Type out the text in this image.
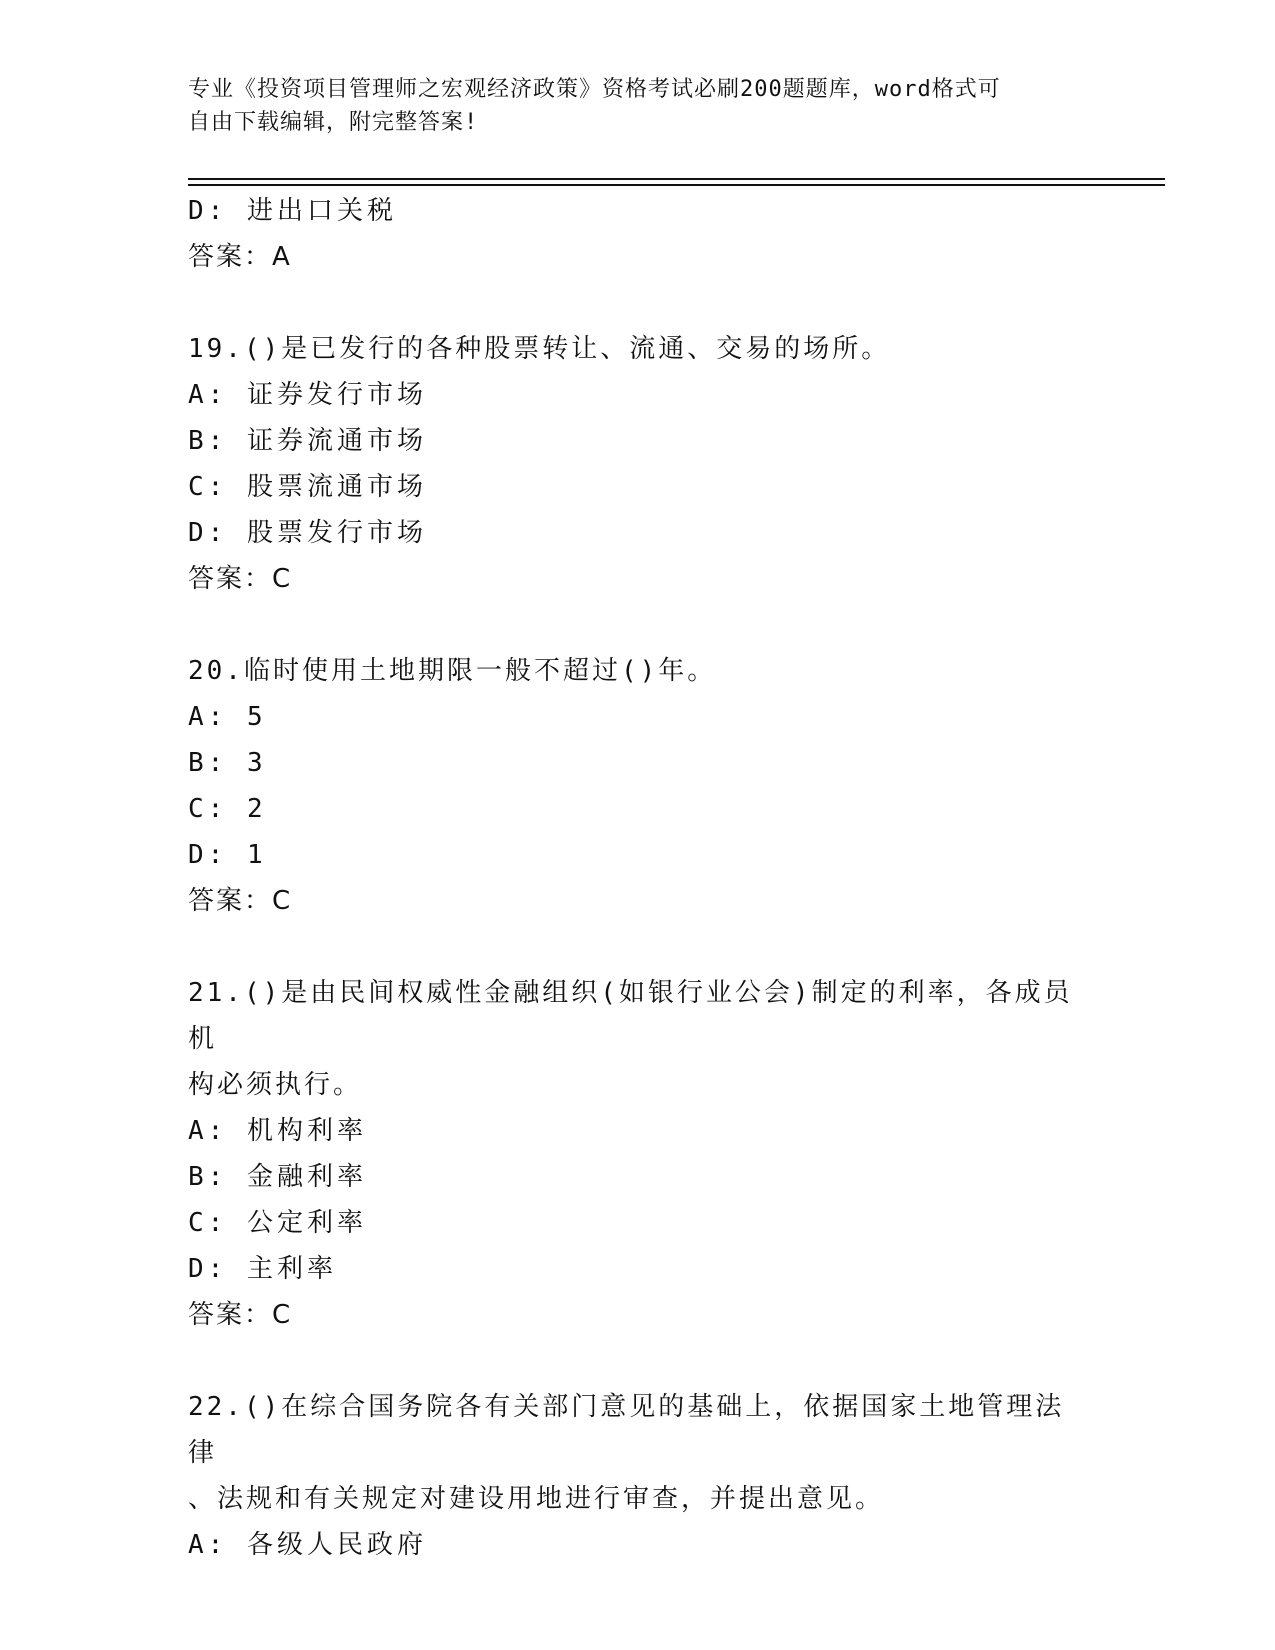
专业《投资项目管理师之宏观经济政策》资格考试必刷200题题库，word格式可
自由下载编辑，附完整答案!
D: 进出口关税
答案：A
19.()是已发行的各种股票转让、流通、交易的场所。
A: 证券发行市场
B: 证券流通市场
C: 股票流通市场
D: 股票发行市场
答案：C
20.临时使用土地期限一般不超过()年。
A: 5
B: 3
C: 2
D: 1
答案：C
21.()是由民间权威性金融组织(如银行业公会)制定的利率，各成员机
构必须执行。
A: 机构利率
B: 金融利率
C: 公定利率
D: 主利率
答案：C
22.()在综合国务院各有关部门意见的基础上，依据国家土地管理法律
、法规和有关规定对建设用地进行审查，并提出意见。
A: 各级人民政府
